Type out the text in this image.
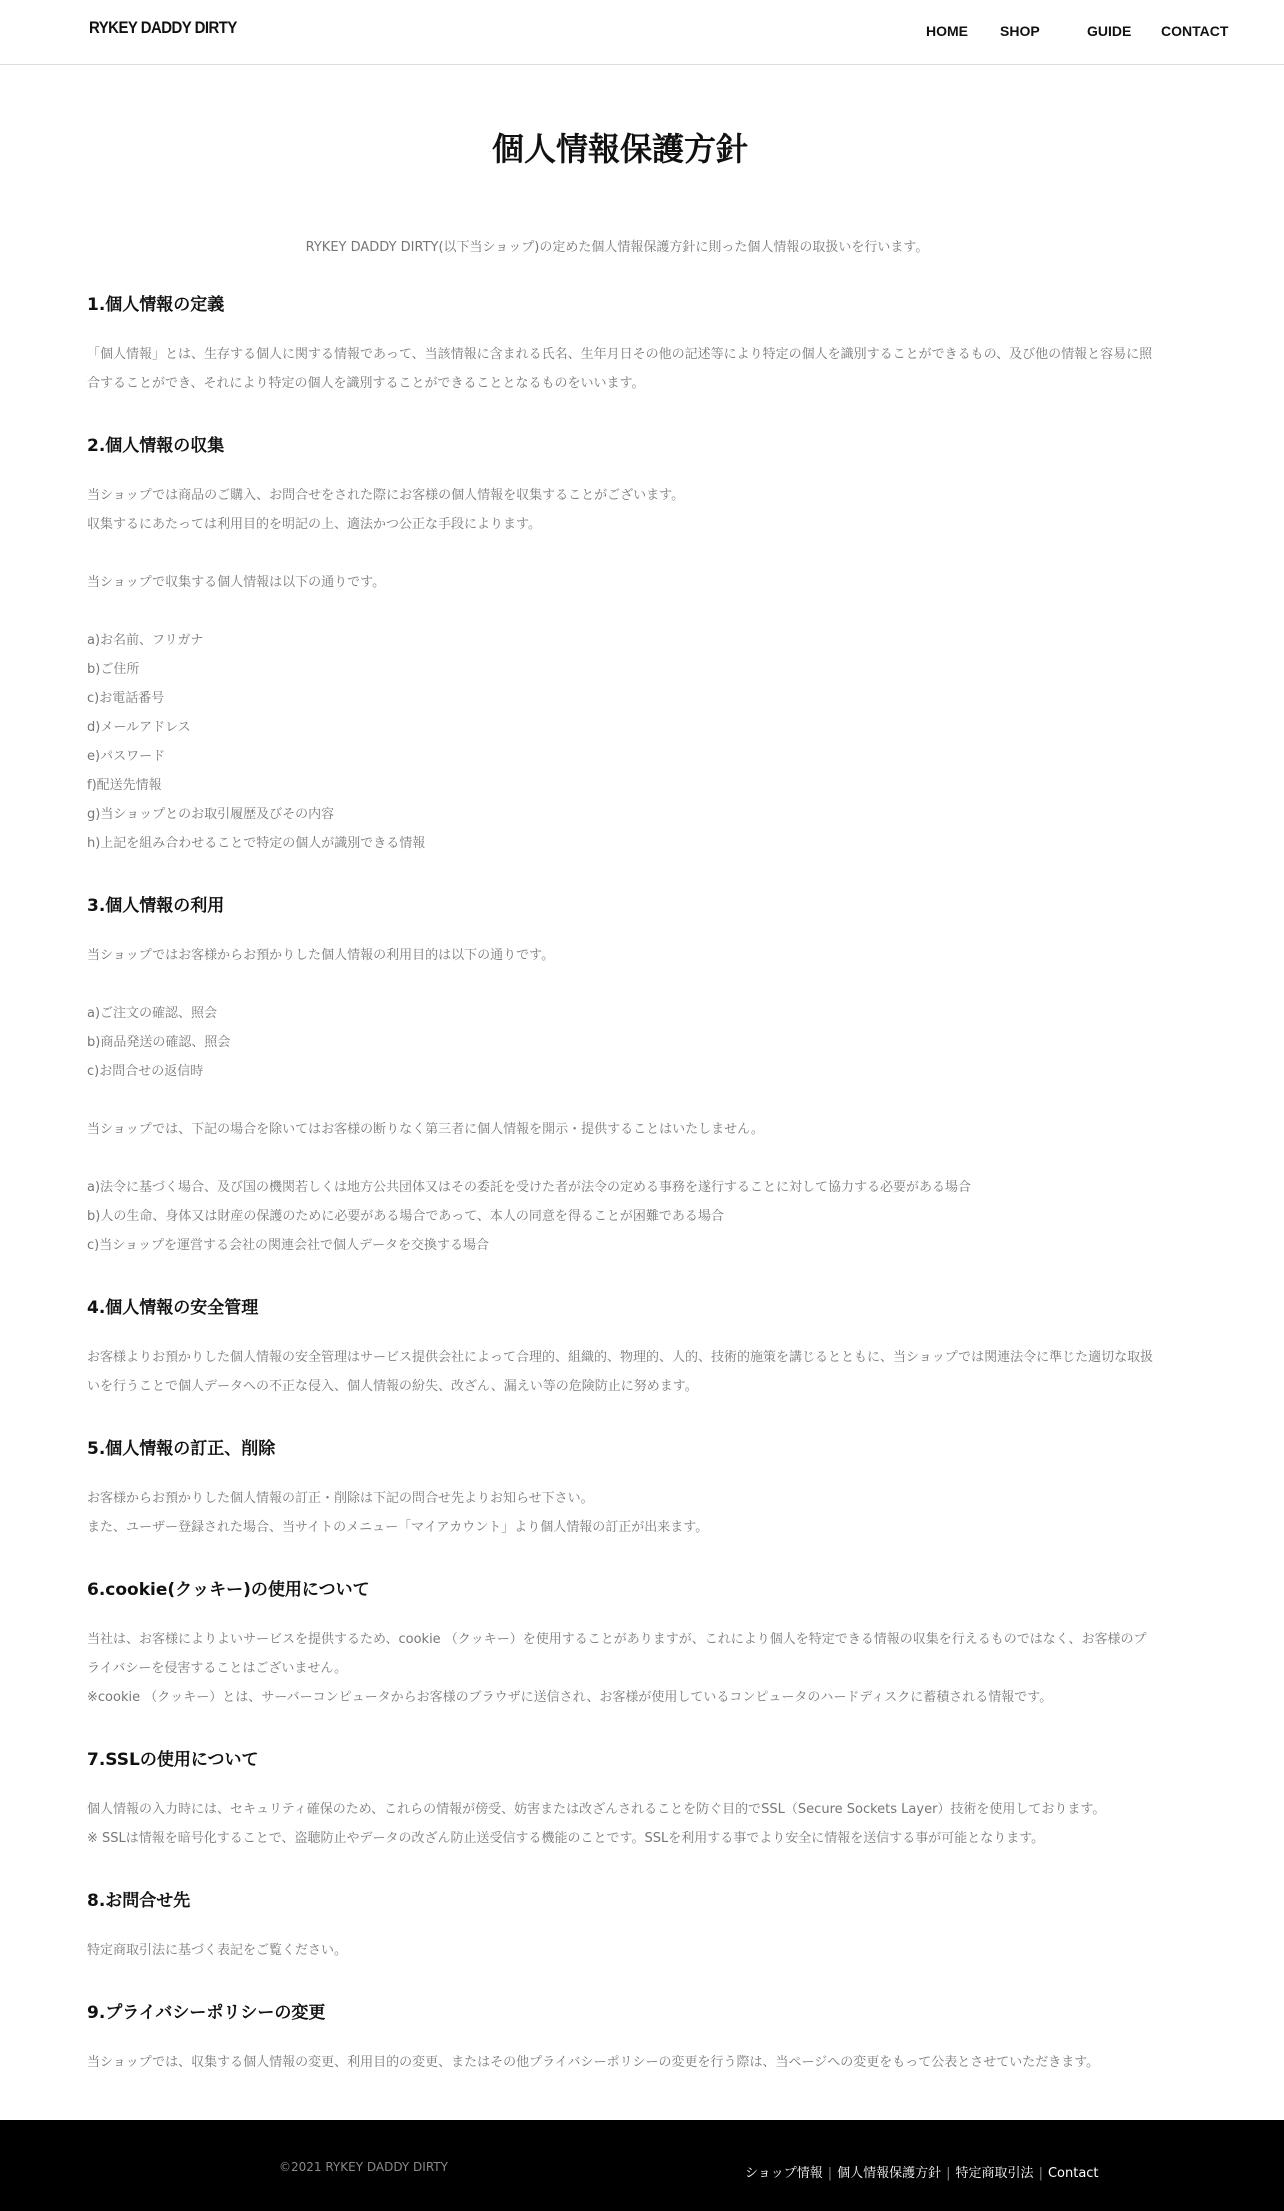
RYKEY DADDY DIRTY	HOME SHOP	GUIDE CONTACT
個人情報保護方針

RYKEY DADDY DIRTY(以下当ショップ)の定めた個人情報保護方針に則った個人情報の取扱いを行います。

1.個人情報の定義

「個人情報」とは、生存する個人に関する情報であって、当該情報に含まれる氏名、生年月日その他の記述等により特定の個人を識別することができるもの、及び他の情報と容易に照合することができ、それにより特定の個人を識別することができることとなるものをいいます。

2.個人情報の収集

当ショップでは商品のご購入、お問合せをされた際にお客様の個人情報を収集することがございます。
収集するにあたっては利用目的を明記の上、適法かつ公正な手段によります。
当ショップで収集する個人情報は以下の通りです。
a)お名前、フリガナ
b)ご住所
c)お電話番号
d)メールアドレス
e)パスワード
f)配送先情報
g)当ショップとのお取引履歴及びその内容
h)上記を組み合わせることで特定の個人が識別できる情報

3.個人情報の利用

当ショップではお客様からお預かりした個人情報の利用目的は以下の通りです。
a)ご注文の確認、照会
b)商品発送の確認、照会
c)お問合せの返信時
当ショップでは、下記の場合を除いてはお客様の断りなく第三者に個人情報を開示・提供することはいたしません。
a)法令に基づく場合、及び国の機関若しくは地方公共団体又はその委託を受けた者が法令の定める事務を遂行することに対して協力する必要がある場合
b)人の生命、身体又は財産の保護のために必要がある場合であって、本人の同意を得ることが困難である場合
c)当ショップを運営する会社の関連会社で個人データを交換する場合

4.個人情報の安全管理

お客様よりお預かりした個人情報の安全管理はサービス提供会社によって合理的、組織的、物理的、人的、技術的施策を講じるとともに、当ショップでは関連法令に準じた適切な取扱いを行うことで個人データへの不正な侵入、個人情報の紛失、改ざん、漏えい等の危険防止に努めます。

5.個人情報の訂正、削除

お客様からお預かりした個人情報の訂正・削除は下記の問合せ先よりお知らせ下さい。
また、ユーザー登録された場合、当サイトのメニュー「マイアカウント」より個人情報の訂正が出来ます。

6.cookie(クッキー)の使用について

当社は、お客様によりよいサービスを提供するため、cookie （クッキー）を使用することがありますが、これにより個人を特定できる情報の収集を行えるものではなく、お客様のプライバシーを侵害することはございません。
※cookie （クッキー）とは、サーバーコンピュータからお客様のブラウザに送信され、お客様が使用しているコンピュータのハードディスクに蓄積される情報です。

7.SSLの使用について

個人情報の入力時には、セキュリティ確保のため、これらの情報が傍受、妨害または改ざんされることを防ぐ目的でSSL（Secure Sockets Layer）技術を使用しております。
※ SSLは情報を暗号化することで、盗聴防止やデータの改ざん防止送受信する機能のことです。SSLを利用する事でより安全に情報を送信する事が可能となります。

8.お問合せ先

特定商取引法に基づく表記をご覧ください。

9.プライバシーポリシーの変更

当ショップでは、収集する個人情報の変更、利用目的の変更、またはその他プライバシーポリシーの変更を行う際は、当ページへの変更をもって公表とさせていただきます。

©2021 RYKEY DADDY DIRTY	ショップ情報 | 個人情報保護方針 | 特定商取引法 | Contact
